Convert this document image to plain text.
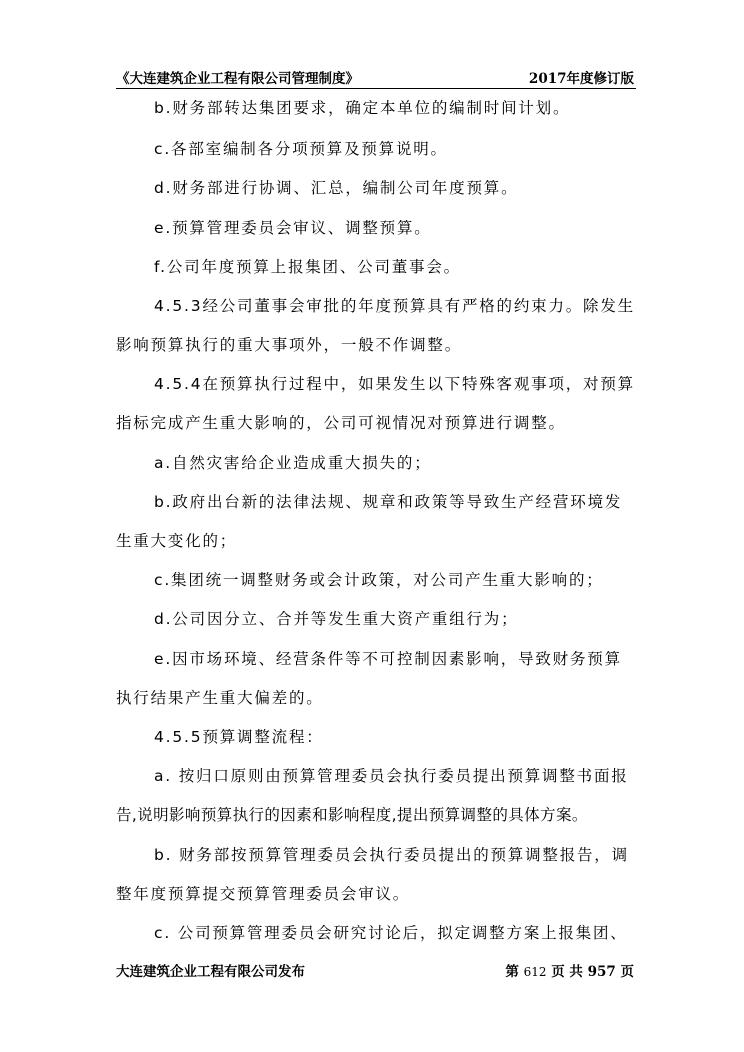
《大连建筑企业工程有限公司管理制度》	2017年度修订版
b.财务部转达集团要求，确定本单位的编制时间计划。
c.各部室编制各分项预算及预算说明。
d.财务部进行协调、汇总，编制公司年度预算。
e.预算管理委员会审议、调整预算。
f.公司年度预算上报集团、公司董事会。
4.5.3经公司董事会审批的年度预算具有严格的约束力。除发生
影响预算执行的重大事项外，一般不作调整。
4.5.4在预算执行过程中，如果发生以下特殊客观事项，对预算
指标完成产生重大影响的，公司可视情况对预算进行调整。
a.自然灾害给企业造成重大损失的；
b.政府出台新的法律法规、规章和政策等导致生产经营环境发
生重大变化的；
c.集团统一调整财务或会计政策，对公司产生重大影响的；
d.公司因分立、合并等发生重大资产重组行为；
e.因市场环境、经营条件等不可控制因素影响，导致财务预算
执行结果产生重大偏差的。
4.5.5预算调整流程：
a. 按归口原则由预算管理委员会执行委员提出预算调整书面报
告,说明影响预算执行的因素和影响程度,提出预算调整的具体方案。
b. 财务部按预算管理委员会执行委员提出的预算调整报告，调
整年度预算提交预算管理委员会审议。
c. 公司预算管理委员会研究讨论后，拟定调整方案上报集团、
大连建筑企业工程有限公司发布	第 612 页 共 957 页
